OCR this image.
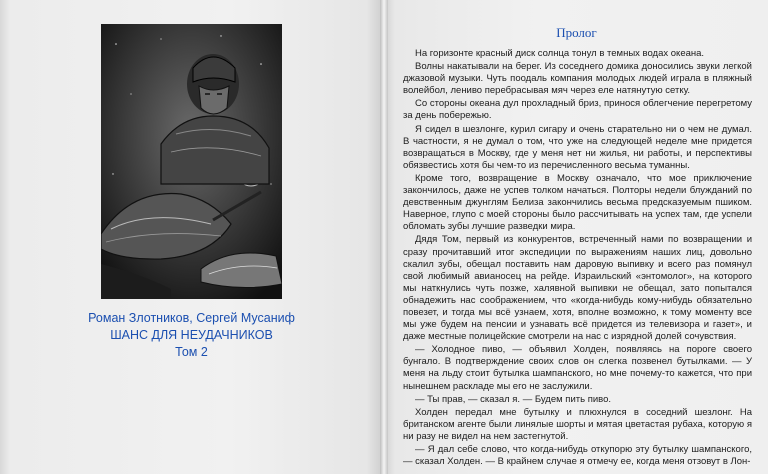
Роман Злотников, Сергей Мусаниф
ШАНС ДЛЯ НЕУДАЧНИКОВ
Том 2
Пролог

На горизонте красный диск солнца тонул в темных водах океана.

Волны накатывали на берег. Из соседнего домика доносились звуки легкой джазовой музыки. Чуть поодаль компания молодых людей играла в пляжный волейбол, лениво перебрасывая мяч через еле натянутую сетку.

Со стороны океана дул прохладный бриз, принося облегчение перегретому за день побережью.

Я сидел в шезлонге, курил сигару и очень старательно ни о чем не думал. В частности, я не думал о том, что уже на следующей неделе мне придется возвращаться в Москву, где у меня нет ни жилья, ни работы, и перспективы обязвестись хотя бы чем-то из перечисленного весьма туманны.

Кроме того, возвращение в Москву означало, что мое приключение закончилось, даже не успев толком начаться. Полторы недели блужданий по девственным джунглям Белиза закончились весьма предсказуемым пшиком. Наверное, глупо с моей стороны было рассчитывать на успех там, где успели обломать зубы лучшие разведки мира.

Дядя Том, первый из конкурентов, встреченный нами по возвращении и сразу прочитавший итог экспедиции по выражениям наших лиц, довольно скалил зубы, обещал поставить нам даровую выпивку и всего раз помянул свой любимый авианосец на рейде. Израильский «энтомолог», на которого мы наткнулись чуть позже, халявной выпивки не обещал, зато попытался обнадежить нас соображением, что «когда-нибудь кому-нибудь обязательно повезет, и тогда мы всё узнаем, хотя, вполне возможно, к тому моменту все мы уже будем на пенсии и узнавать всё придется из телевизора и газет», и даже местные полицейские смотрели на нас с изрядной долей сочувствия.

— Холодное пиво, — объявил Холден, появляясь на пороге своего бунгало. В подтверждение своих слов он слегка позвенел бутылками. — У меня на льду стоит бутылка шампанского, но мне почему-то кажется, что при нынешнем раскладе мы его не заслужили.

— Ты прав, — сказал я. — Будем пить пиво.

Холден передал мне бутылку и плюхнулся в соседний шезлонг. На британском агенте были линялые шорты и мятая цветастая рубаха, которую я ни разу не видел на нем застегнутой.

— Я дал себе слово, что когда-нибудь откупорю эту бутылку шампанского, — сказал Холден. — В крайнем случае я отмечу ее, когда меня отзовут в Лон-
